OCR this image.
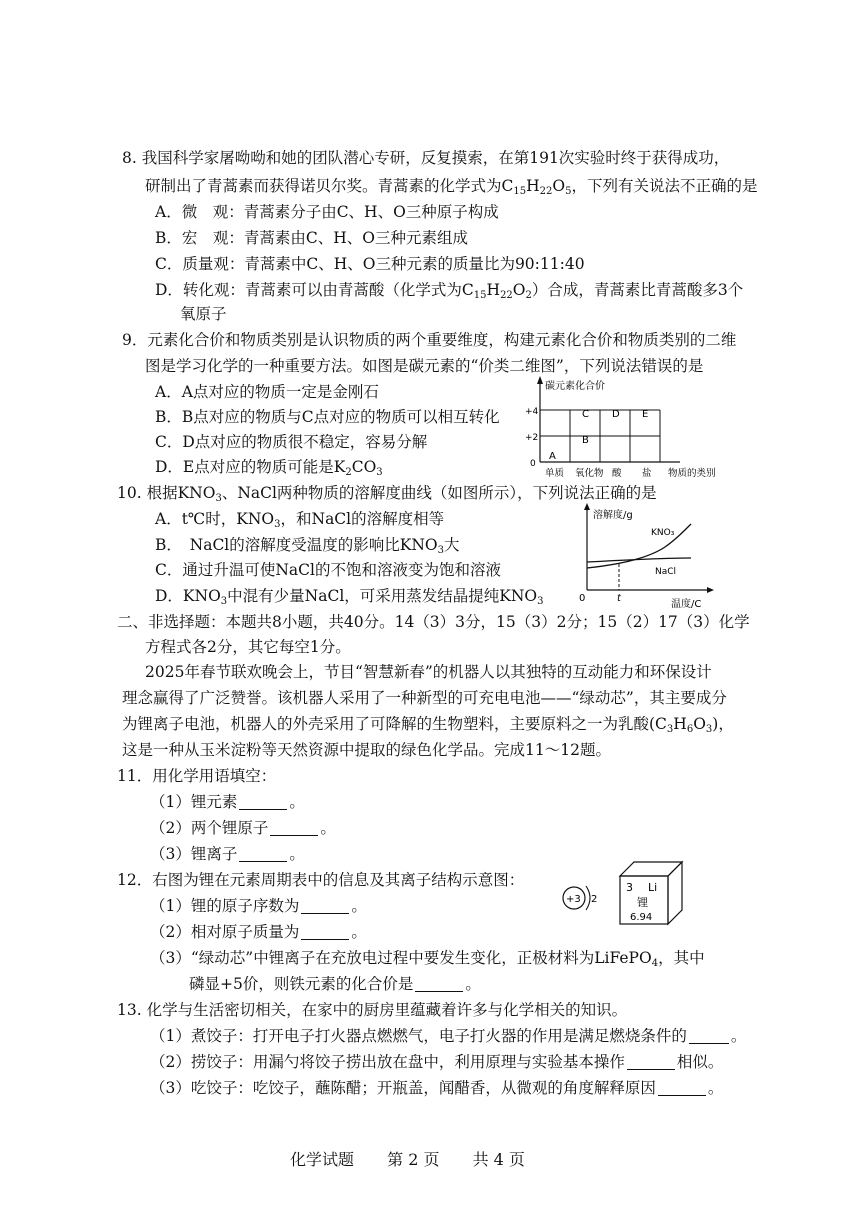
8. 我国科学家屠呦呦和她的团队潜心专研，反复摸索，在第191次实验时终于获得成功，
研制出了青蒿素而获得诺贝尔奖。青蒿素的化学式为$C_{15}H_{22}O_5$，下列有关说法不正确的是
A．微　观：青蒿素分子由C、H、O三种原子构成
B．宏　观：青蒿素由C、H、O三种元素组成
C．质量观：青蒿素中C、H、O三种元素的质量比为90:11:40
D．转化观：青蒿素可以由青蒿酸（化学式为$C_{15}H_{22}O_2$）合成，青蒿素比青蒿酸多3个
氧原子
9．元素化合价和物质类别是认识物质的两个重要维度，构建元素化合价和物质类别的二维
图是学习化学的一种重要方法。如图是碳元素的“价类二维图”，下列说法错误的是
A．A点对应的物质一定是金刚石
B．B点对应的物质与C点对应的物质可以相互转化
C．D点对应的物质很不稳定，容易分解
D．E点对应的物质可能是$K_2CO_3$
碳元素化合价
+4
+2
0
单质 氧化物 酸 盐 物质的类别
A
B
C D E
10. 根据$KNO_3$、NaCl两种物质的溶解度曲线（如图所示），下列说法正确的是
A．t℃时，$KNO_3$，和NaCl的溶解度相等
B．　NaCl的溶解度受温度的影响比$KNO_3$大
C．通过升温可使NaCl的不饱和溶液变为饱和溶液
D．$KNO_3$中混有少量NaCl，可采用蒸发结晶提纯$KNO_3$
溶解度/g
KNO₃
NaCl
0	t
温度/C
二、非选择题：本题共8小题，共40分。14（3）3分，15（3）2分；15（2）17（3）化学
方程式各2分，其它每空1分。
2025年春节联欢晚会上，节目“智慧新春”的机器人以其独特的互动能力和环保设计
理念赢得了广泛赞誉。该机器人采用了一种新型的可充电电池——“绿动芯”，其主要成分
为锂离子电池，机器人的外壳采用了可降解的生物塑料，主要原料之一为乳酸$(C_3H_6O_3)$，
这是一种从玉米淀粉等天然资源中提取的绿色化学品。完成11～12题。
11．用化学用语填空：
（1）锂元素	。
（2）两个锂原子	。
（3）锂离子	。
12．右图为锂在元素周期表中的信息及其离子结构示意图：
（1）锂的原子序数为	。
（2）相对原子质量为	。
（3）“绿动芯”中锂离子在充放电过程中要发生变化，正极材料为LiFePO$_4$，其中
磷显+5价，则铁元素的化合价是	。
+3 2
3 Li
锂
6.94
13. 化学与生活密切相关，在家中的厨房里蕴藏着许多与化学相关的知识。
（1）煮饺子：打开电子打火器点燃燃气，电子打火器的作用是满足燃烧条件的	。
（2）捞饺子：用漏勺将饺子捞出放在盘中，利用原理与实验基本操作	相似。
（3）吃饺子：吃饺子，蘸陈醋；开瓶盖，闻醋香，从微观的角度解释原因	。
化学试题 第 2 页 共 4 页
